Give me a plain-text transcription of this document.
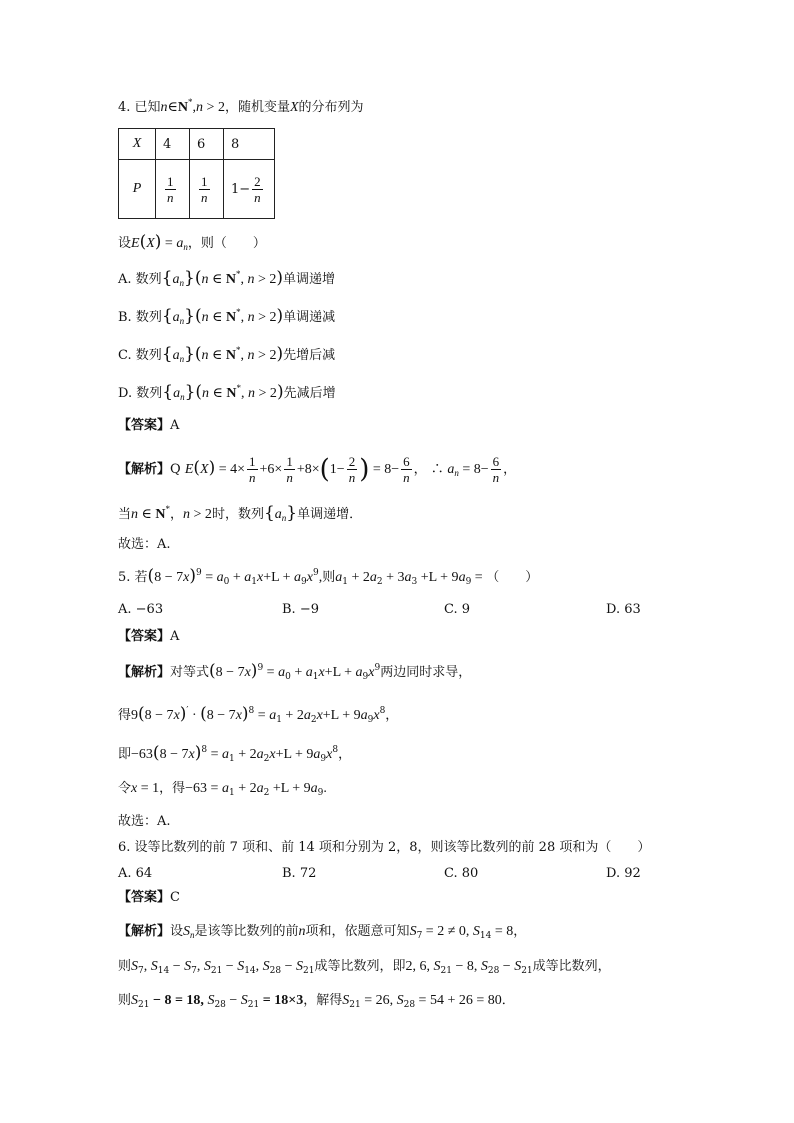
4. 已知n∈N*,n > 2，随机变量X的分布列为
X	4	6	8
P	$\frac{1}{n}$	$\frac{1}{n}$	$1- \frac{2}{n}$
设$E(X) = a_n$，则（　　）
A. 数列$\{a_n\}(n$ ∈ N*, n > 2)单调递增
B. 数列$\{a_n\}(n$ ∈ N*, n > 2)单调递减
C. 数列$\{a_n\}(n$ ∈ N*, n > 2)先增后减
D. 数列$\{a_n\}(n$ ∈ N*, n > 2)先减后增
【答案】A
【解析】Q $E(X) = 4\times \frac{1}{n} +6\times \frac{1}{n} +8\times(1- \frac{2}{n}$ ) = $8- \frac{6}{n}$ ， ∴ $a_n = 8- \frac{6}{n}$ ，
当n ∈ N*，n > 2时，数列$\{a_n\}$单调递增．
故选：A.
5. 若$(8 - 7x)^9 = a_0 + a_1x+L + a_9x^9$,则$a_1 + 2a_2 + 3a_3 +L + 9a_9$ = （　　）
A. −63	B. −9	C. 9	D. 63
【答案】A
【解析】对等式$(8 - 7x)^9 = a_0 + a_1x+L + a_9x^9$两边同时求导，
得$9(8 - 7x)' \cdot (8 - 7x)^8 = a_1 + 2a_2x+L + 9a_9x^8$，
即$-63(8 - 7x)^8 = a_1 + 2a_2x+L + 9a_9x^8$，
令x = 1，得$-63 = a_1 + 2a_2 +L + 9a_9$.
故选：A.
6. 设等比数列的前 7 项和、前 14 项和分别为 2，8，则该等比数列的前 28 项和为（　　）
A. 64	B. 72	C. 80	D. 92
【答案】C
【解析】设$S_n$是该等比数列的前n项和，依题意可知$S_7 = 2 \ne 0$, $S_{14} = 8$，
则$S_7$, $S_{14} - S_7$, $S_{21} - S_{14}$, $S_{28} - S_{21}$成等比数列，即2, 6, $S_{21} - 8$, $S_{28} - S_{21}$成等比数列，
则$S_{21} - 8 = 18$, $S_{28} - S_{21} = 18\times 3$，解得$S_{21} = 26$, $S_{28} = 54 + 26 = 80$．
